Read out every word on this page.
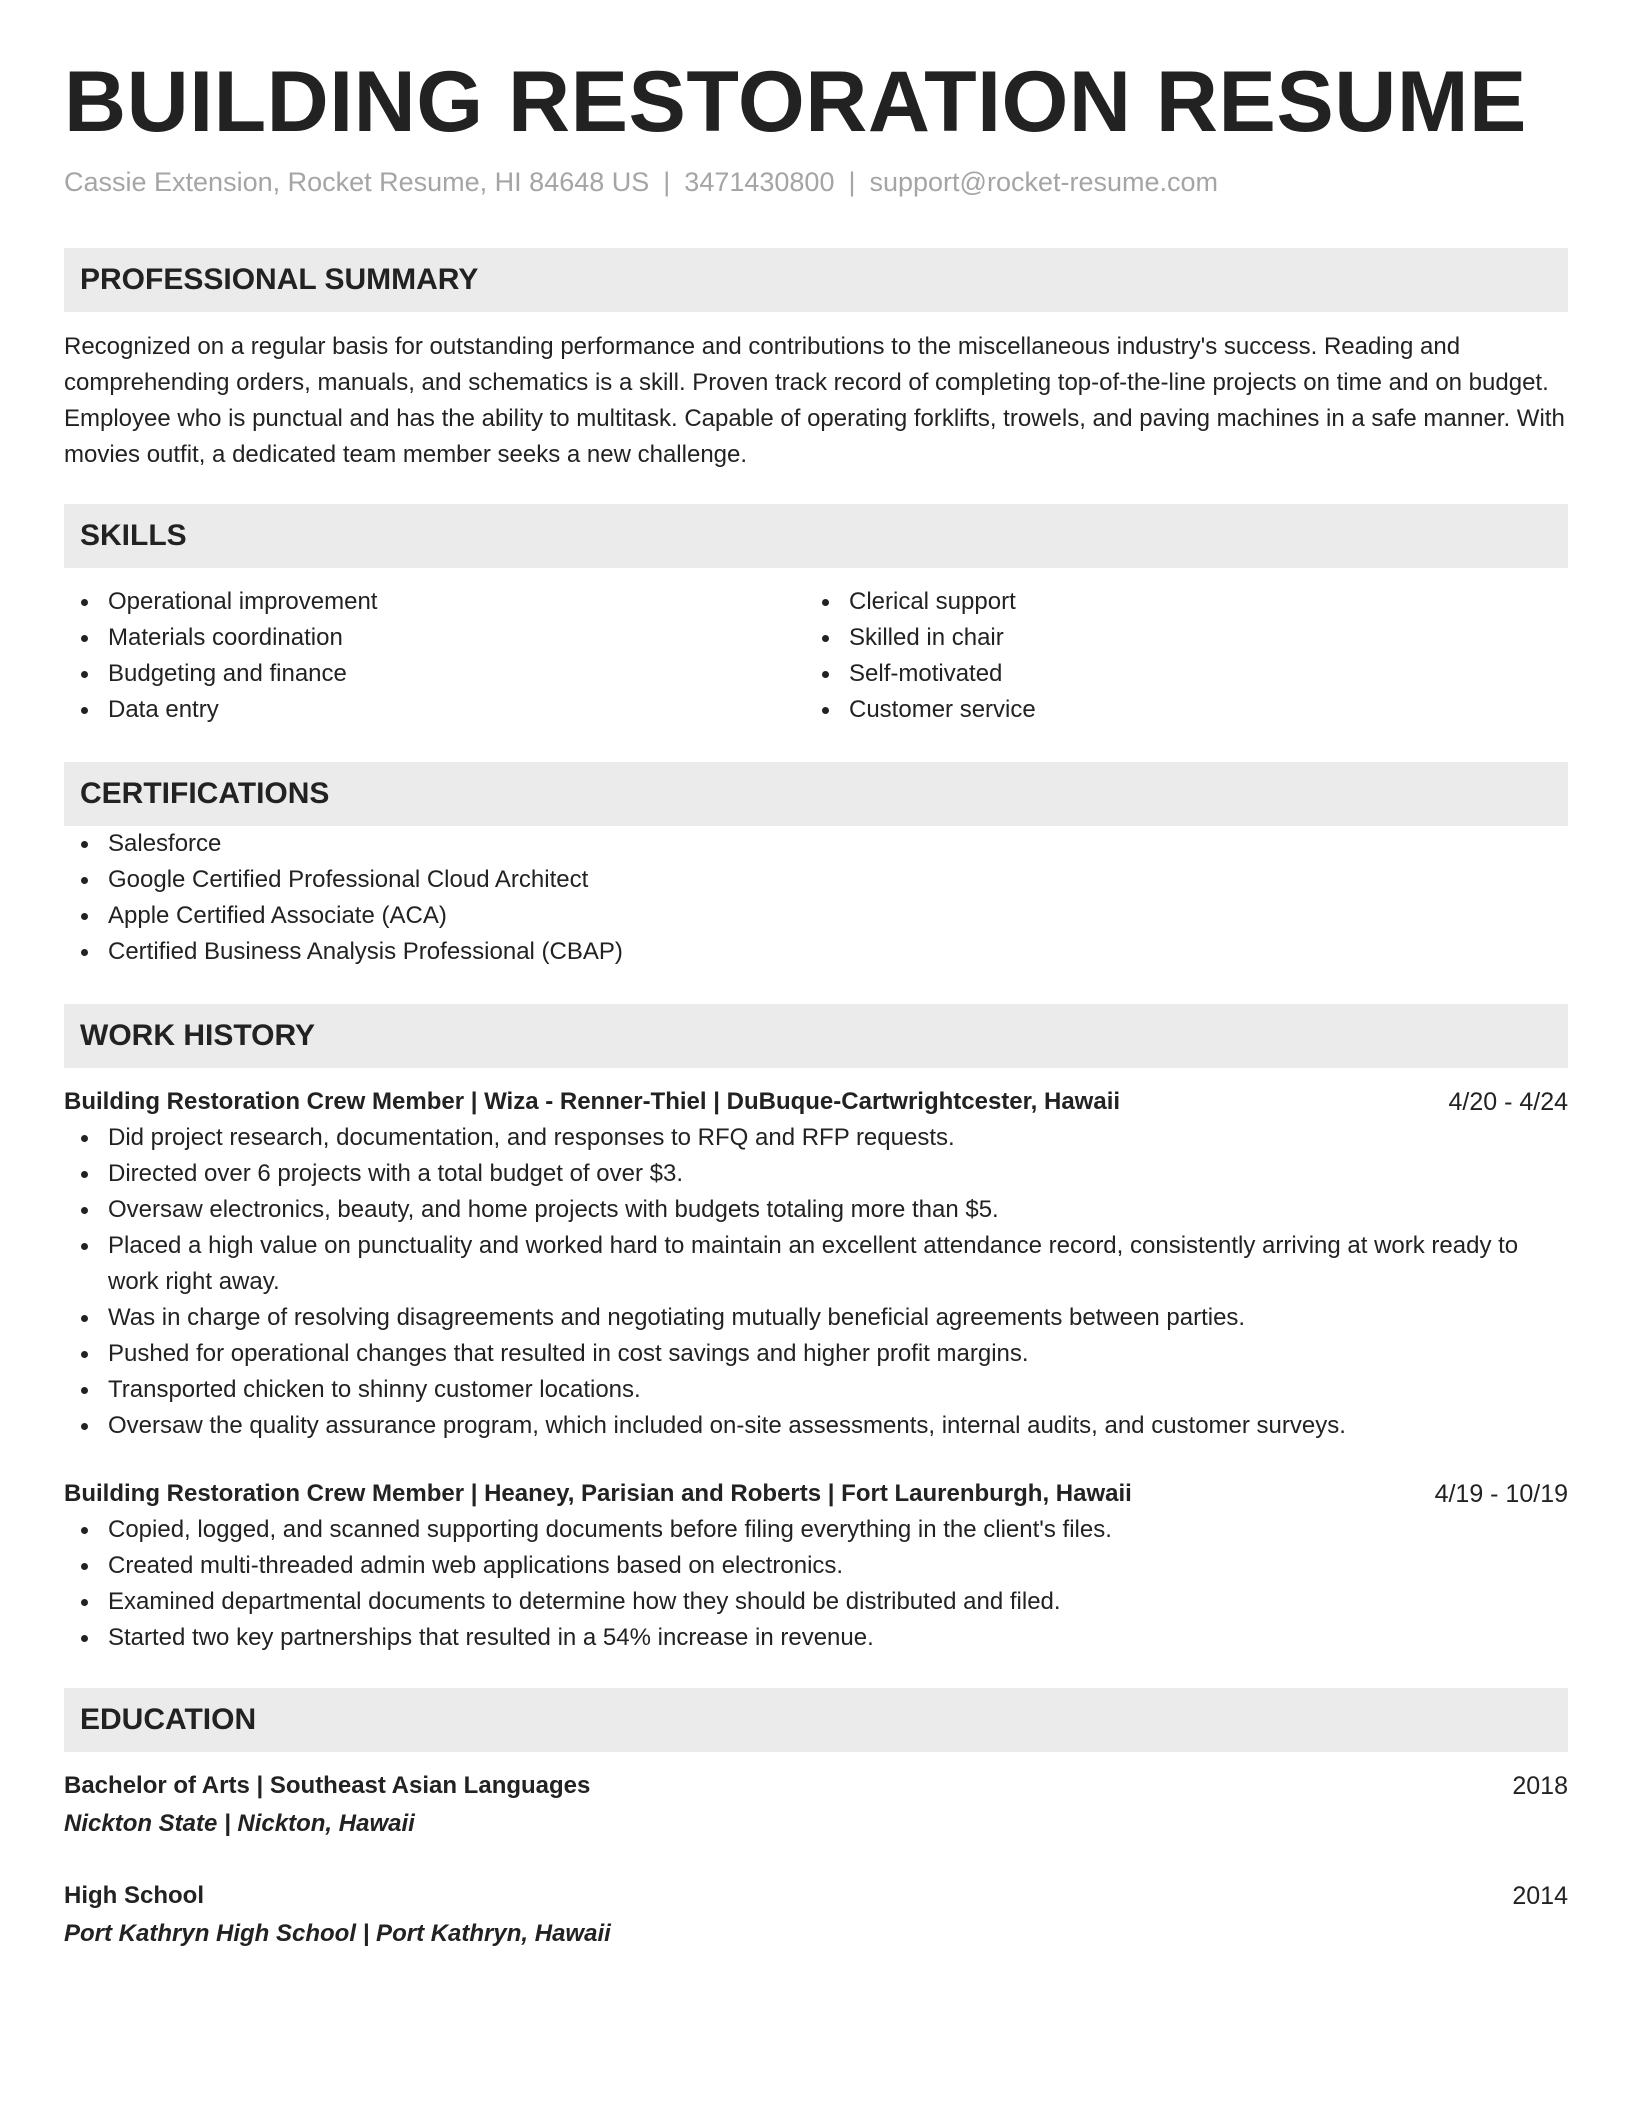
BUILDING RESTORATION RESUME
Cassie Extension, Rocket Resume, HI 84648 US | 3471430800 | support@rocket-resume.com
PROFESSIONAL SUMMARY
Recognized on a regular basis for outstanding performance and contributions to the miscellaneous industry's success. Reading and comprehending orders, manuals, and schematics is a skill. Proven track record of completing top-of-the-line projects on time and on budget. Employee who is punctual and has the ability to multitask. Capable of operating forklifts, trowels, and paving machines in a safe manner. With movies outfit, a dedicated team member seeks a new challenge.
SKILLS
Operational improvement
Materials coordination
Budgeting and finance
Data entry
Clerical support
Skilled in chair
Self-motivated
Customer service
CERTIFICATIONS
Salesforce
Google Certified Professional Cloud Architect
Apple Certified Associate (ACA)
Certified Business Analysis Professional (CBAP)
WORK HISTORY
Building Restoration Crew Member | Wiza - Renner-Thiel | DuBuque-Cartwrightcester, Hawaii	4/20 - 4/24
Did project research, documentation, and responses to RFQ and RFP requests.
Directed over 6 projects with a total budget of over $3.
Oversaw electronics, beauty, and home projects with budgets totaling more than $5.
Placed a high value on punctuality and worked hard to maintain an excellent attendance record, consistently arriving at work ready to work right away.
Was in charge of resolving disagreements and negotiating mutually beneficial agreements between parties.
Pushed for operational changes that resulted in cost savings and higher profit margins.
Transported chicken to shinny customer locations.
Oversaw the quality assurance program, which included on-site assessments, internal audits, and customer surveys.
Building Restoration Crew Member | Heaney, Parisian and Roberts | Fort Laurenburgh, Hawaii	4/19 - 10/19
Copied, logged, and scanned supporting documents before filing everything in the client's files.
Created multi-threaded admin web applications based on electronics.
Examined departmental documents to determine how they should be distributed and filed.
Started two key partnerships that resulted in a 54% increase in revenue.
EDUCATION
Bachelor of Arts | Southeast Asian Languages	2018
Nickton State | Nickton, Hawaii
High School	2014
Port Kathryn High School | Port Kathryn, Hawaii
